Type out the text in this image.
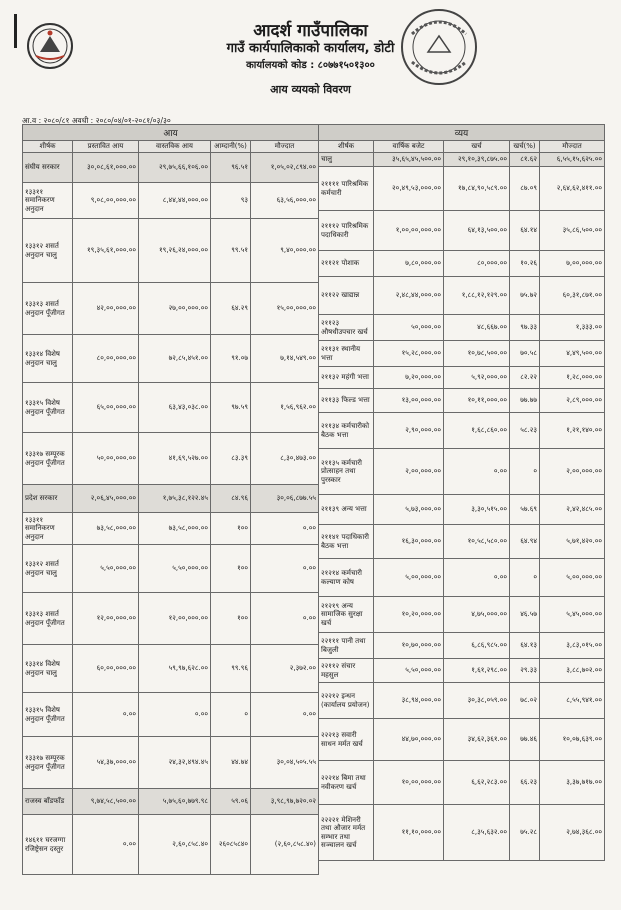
आदर्श गाउँपालिका
गाउँ कार्यपालिकाको कार्यालय, डोटी
कार्यालयको कोड : ८०७७१५०१३००
आय व्ययको विवरण
आ.व : २०८०/८१ अवधी : २०८०/०४/०१-२०८१/०३/३०
आय				
शीर्षक	प्रस्तावित आय	वास्तविक आय	आम्दानी(%)	मौज्दात
संघीय सरकार	३०,०८,६१,०००.००	२९,७५,६६,१०६.००	९६.५१	१,०५,०२,८९४.००
१३३११ समानिकरण अनुदान	९,०८,००,०००.००	८,४४,४४,०००.००	९३	६३,५६,०००.००
१३३१२ शसर्त अनुदान चालु	१९,३५,६१,०००.००	१९,२६,२४,०००.००	९९.५१	९,४०,०००.००
१३३१३ शसर्त अनुदान पूँजीगत	४२,००,०००.००	२७,००,०००.००	६४.२९	१५,००,०००.००
१३३१४ विशेष अनुदान चालु	८०,००,०००.००	७२,८५,४५१.००	९१.०७	७,१४,५४९.००
१३३१५ विशेष अनुदान पूँजीगत	६५,००,०००.००	६३,४३,०३८.००	९७.५९	१,५६,९६२.००
१३३१७ सम्पूरक अनुदान पूँजीगत	५०,००,०००.००	४१,६९,५२७.००	८३.३९	८,३०,४७३.००
प्रदेश सरकार	२,०६,४५,०००.००	१,७५,३८,१२२.४५	८४.९६	३०,०६,८७७.५५
१३३११ समानिकरण अनुदान	७३,५८,०००.००	७३,५८,०००.००	१००	०.००
१३३१२ शसर्त अनुदान चालु	५,५०,०००.००	५,५०,०००.००	१००	०.००
१३३१३ शसर्त अनुदान पूँजीगत	१२,००,०००.००	१२,००,०००.००	१००	०.००
१३३१४ विशेष अनुदान चालु	६०,००,०००.००	५९,९७,६२८.००	९९.९६	२,३७२.००
१३३१५ विशेष अनुदान पूँजीगत	०.००	०.००	०	०.००
१३३१७ सम्पूरक अनुदान पूँजीगत	५४,३७,०००.००	२४,३२,४९४.४५	४४.७४	३०,०४,५०५.५५
राजस्व बाँडफाँड	९,७४,५८,५००.००	५,७५,६०,७७९.९८	५९.०६	३,९८,९७,७२०.०२
१४६११ घरजग्गा रजिष्ट्रेसन दस्तुर	०.००	२,६०,८५८.४०	२६०८५८४०	(२,६०,८५८.४०)
व्यय				
शीर्षक	वार्षिक बजेट	खर्च	खर्च(%)	मौज्दात
चालु	३५,६५,४५,५००.००	२९,१०,३९,८७५.००	८१.६२	६,५५,१५,६२५.००
२११११ पारिश्रमिक कर्मचारी	२०,४९,५३,०००.००	१७,८४,९०,५८९.००	८७.०९	२,६४,६२,४११.००
२१११२ पारिश्रमिक पदाधिकारी	१,००,००,०००.००	६४,१३,५००.००	६४.१४	३५,८६,५००.००
२११२१ पोशाक	७,८०,०००.००	८०,०००.००	१०.२६	७,००,०००.००
२११२२ खाद्यान्न	२,४८,४४,०००.००	१,८८,१२,१२९.००	७५.७२	६०,३१,८७१.००
२११२३ औषधीउपचार खर्च	५०,०००.००	४८,६६७.००	९७.३३	१,३३३.००
२११३१ स्थानीय भत्ता	१५,२८,०००.००	१०,७८,५००.००	७०.५८	४,४९,५००.००
२११३२ महंगी भत्ता	७,२०,०००.००	५,९२,०००.००	८२.२२	१,२८,०००.००
२११३३ फिल्ड भत्ता	१३,००,०००.००	१०,११,०००.००	७७.७७	२,८९,०००.००
२११३४ कर्मचारीको बैठक भत्ता	२,९०,०००.००	१,६८,८६०.००	५८.२३	१,२१,१४०.००
२११३५ कर्मचारी प्रोत्साहन तथा पुरस्कार	२,००,०००.००	०.००	०	२,००,०००.००
२११३९ अन्य भत्ता	५,७३,०००.००	३,३०,५१५.००	५७.६९	२,४२,४८५.००
२११४१ पदाधिकारी बैठक भत्ता	१६,३०,०००.००	१०,५८,५८०.००	६४.९४	५,७१,४२०.००
२१२१४ कर्मचारी कल्याण कोष	५,००,०००.००	०.००	०	५,००,०००.००
२१२१९ अन्य सामाजिक सुरक्षा खर्च	१०,२०,०००.००	४,७५,०००.००	४६.५७	५,४५,०००.००
२२१११ पानी तथा बिजुली	१०,७०,०००.००	६,८६,९८५.००	६४.१३	३,८३,०१५.००
२२११२ संचार महसुल	५,५०,०००.००	१,६१,२९८.००	२९.३३	३,८८,७०२.००
२२२१२ इन्धन (कार्यालय प्रयोजन)	३८,९४,०००.००	३०,३८,०५९.००	७८.०२	८,५५,९४१.००
२२२१३ सवारी साधन मर्मत खर्च	४४,७०,०००.००	३४,६२,३६१.००	७७.४६	१०,०७,६३९.००
२२२१४ बिमा तथा नवीकरण खर्च	१०,००,०००.००	६,६२,२८३.००	६६.२३	३,३७,७१७.००
२२२२१ मेशिनरी तथा औजार मर्मत सम्भार तथा सञ्चालन खर्च	११,१०,०००.००	८,३५,६३२.००	७५.२८	२,७४,३६८.००
